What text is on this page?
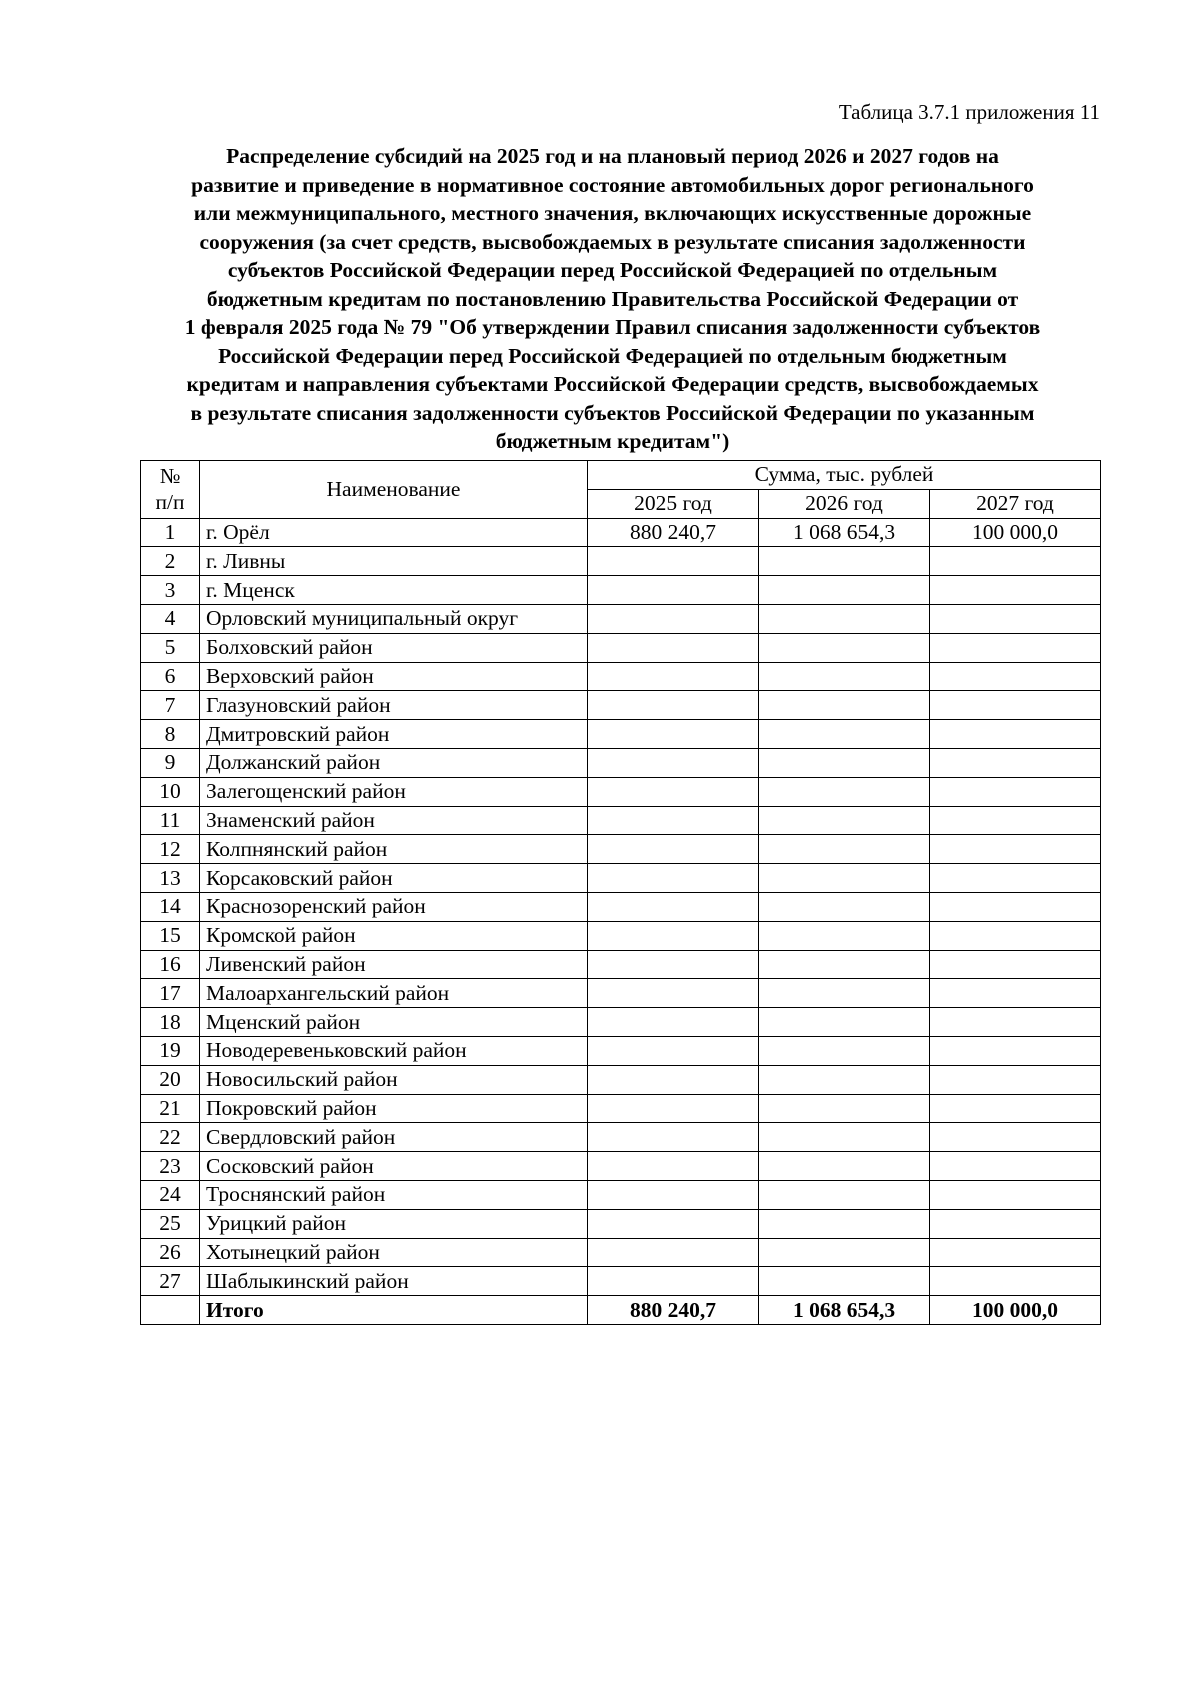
Таблица 3.7.1 приложения 11
Распределение субсидий на 2025 год и на плановый период 2026 и 2027 годов на
развитие и приведение в нормативное состояние автомобильных дорог регионального
или межмуниципального, местного значения, включающих искусственные дорожные
сооружения (за счет средств, высвобождаемых в результате списания задолженности
субъектов Российской Федерации перед Российской Федерацией по отдельным
бюджетным кредитам по постановлению Правительства Российской Федерации от
1 февраля 2025 года № 79 "Об утверждении Правил списания задолженности субъектов
Российской Федерации перед Российской Федерацией по отдельным бюджетным
кредитам и направления субъектами Российской Федерации средств, высвобождаемых
в результате списания задолженности субъектов Российской Федерации по указанным
бюджетным кредитам")
№
п/п	Наименование	Сумма, тыс. рублей		
		2025 год	2026 год	2027 год
1	г. Орёл	880 240,7	1 068 654,3	100 000,0
2	г. Ливны			
3	г. Мценск			
4	Орловский муниципальный округ			
5	Болховский район			
6	Верховский район			
7	Глазуновский район			
8	Дмитровский район			
9	Должанский район			
10	Залегощенский район			
11	Знаменский район			
12	Колпнянский район			
13	Корсаковский район			
14	Краснозоренский район			
15	Кромской район			
16	Ливенский район			
17	Малоархангельский район			
18	Мценский район			
19	Новодеревеньковский район			
20	Новосильский район			
21	Покровский район			
22	Свердловский район			
23	Сосковский район			
24	Троснянский район			
25	Урицкий район			
26	Хотынецкий район			
27	Шаблыкинский район			
	Итого	880 240,7	1 068 654,3	100 000,0
